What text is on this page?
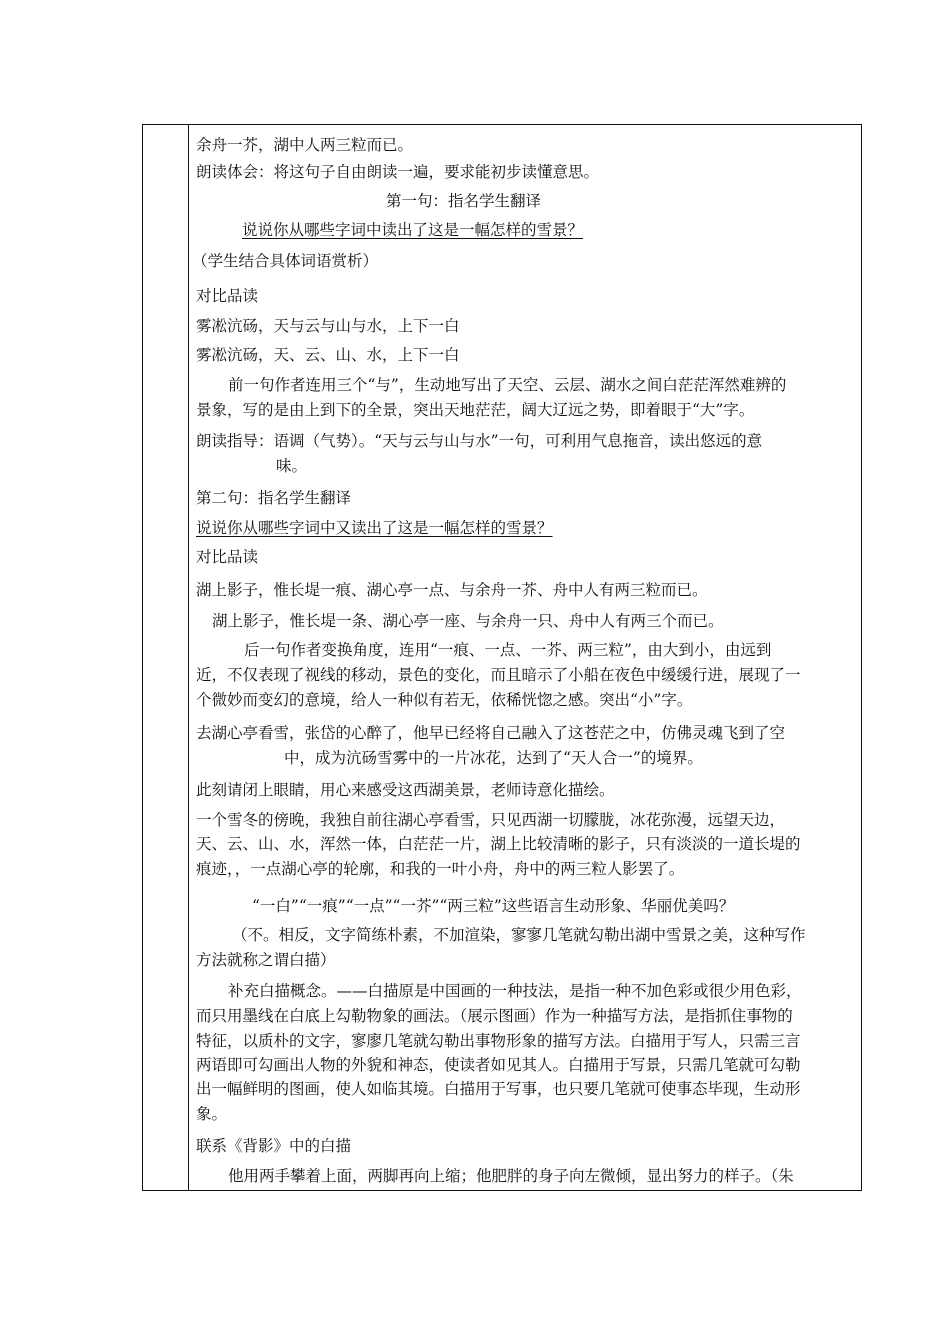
余舟一芥，湖中人两三粒而已。
朗读体会：将这句子自由朗读一遍，要求能初步读懂意思。
第一句：指名学生翻译
说说你从哪些字词中读出了这是一幅怎样的雪景？
（学生结合具体词语赏析）
对比品读
雾凇沆砀，天与云与山与水，上下一白
雾凇沆砀，天、云、山、水，上下一白
前一句作者连用三个“与”，生动地写出了天空、云层、湖水之间白茫茫浑然难辨的
景象，写的是由上到下的全景，突出天地茫茫，阔大辽远之势，即着眼于“大”字。
朗读指导：语调（气势）。“天与云与山与水”一句，可利用气息拖音，读出悠远的意
味。
第二句：指名学生翻译
说说你从哪些字词中又读出了这是一幅怎样的雪景？
对比品读
湖上影子，惟长堤一痕、湖心亭一点、与余舟一芥、舟中人有两三粒而已。
湖上影子，惟长堤一条、湖心亭一座、与余舟一只、舟中人有两三个而已。
后一句作者变换角度，连用“一痕、一点、一芥、两三粒”，由大到小，由远到
近，不仅表现了视线的移动，景色的变化，而且暗示了小船在夜色中缓缓行进，展现了一
个微妙而变幻的意境，给人一种似有若无，依稀恍惚之感。突出“小”字。
去湖心亭看雪，张岱的心醉了，他早已经将自己融入了这苍茫之中，仿佛灵魂飞到了空
中，成为沆砀雪雾中的一片冰花，达到了“天人合一”的境界。
此刻请闭上眼睛，用心来感受这西湖美景，老师诗意化描绘。
一个雪冬的傍晚，我独自前往湖心亭看雪，只见西湖一切朦胧，冰花弥漫，远望天边，
天、云、山、水，浑然一体，白茫茫一片，湖上比较清晰的影子，只有淡淡的一道长堤的
痕迹，，一点湖心亭的轮廓，和我的一叶小舟，舟中的两三粒人影罢了。
“一白”“一痕”“一点”“一芥”“两三粒”这些语言生动形象、华丽优美吗？
（不。相反，文字简练朴素，不加渲染，寥寥几笔就勾勒出湖中雪景之美，这种写作
方法就称之谓白描）
补充白描概念。——白描原是中国画的一种技法，是指一种不加色彩或很少用色彩，
而只用墨线在白底上勾勒物象的画法。（展示图画）作为一种描写方法，是指抓住事物的
特征，以质朴的文字，寥廖几笔就勾勒出事物形象的描写方法。白描用于写人，只需三言
两语即可勾画出人物的外貌和神态，使读者如见其人。白描用于写景，只需几笔就可勾勒
出一幅鲜明的图画，使人如临其境。白描用于写事，也只要几笔就可使事态毕现，生动形
象。
联系《背影》中的白描
他用两手攀着上面，两脚再向上缩；他肥胖的身子向左微倾，显出努力的样子。（朱
